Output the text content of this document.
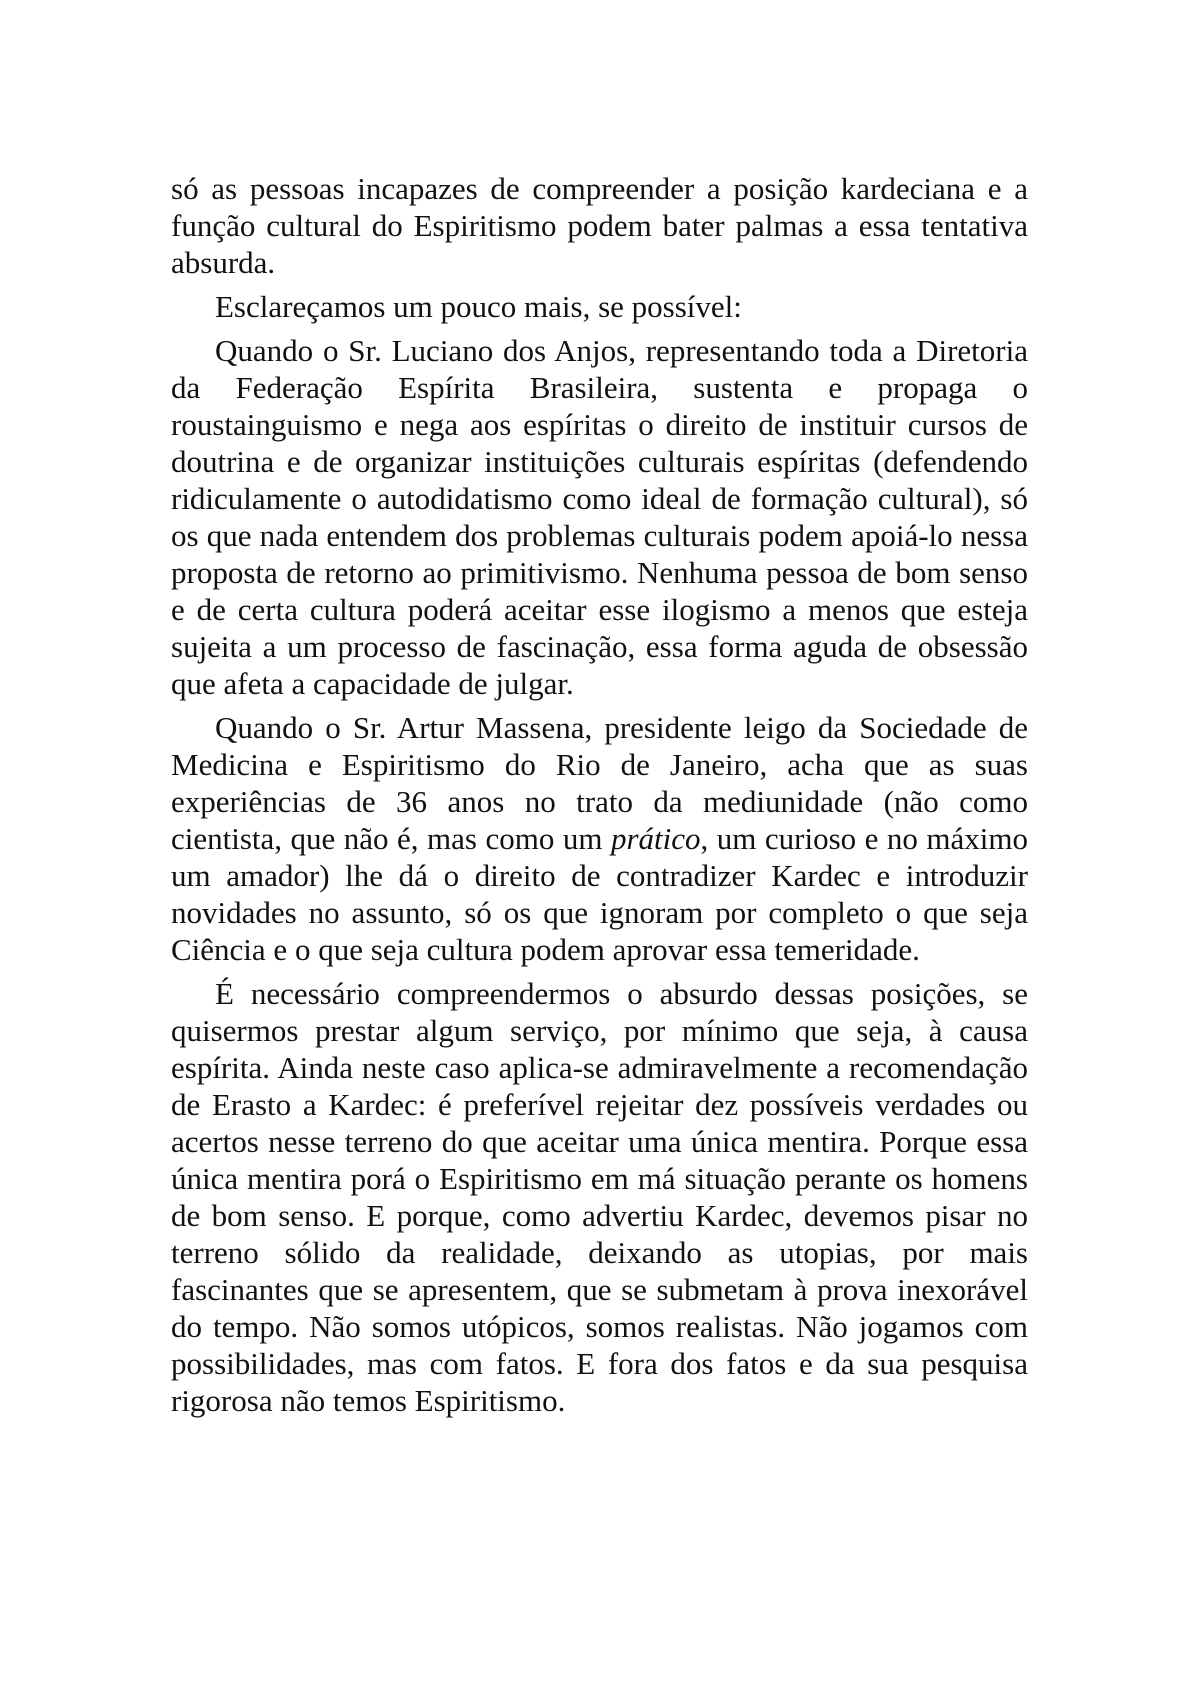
só as pessoas incapazes de compreender a posição kardeciana e a função cultural do Espiritismo podem bater palmas a essa tentativa absurda.

Esclareçamos um pouco mais, se possível:

Quando o Sr. Luciano dos Anjos, representando toda a Diretoria da Federação Espírita Brasileira, sustenta e propaga o roustainguismo e nega aos espíritas o direito de instituir cursos de doutrina e de organizar instituições culturais espíritas (defendendo ridiculamente o autodidatismo como ideal de formação cultural), só os que nada entendem dos problemas culturais podem apoiá-lo nessa proposta de retorno ao primitivismo. Nenhuma pessoa de bom senso e de certa cultura poderá aceitar esse ilogismo a menos que esteja sujeita a um processo de fascinação, essa forma aguda de obsessão que afeta a capacidade de julgar.

Quando o Sr. Artur Massena, presidente leigo da Sociedade de Medicina e Espiritismo do Rio de Janeiro, acha que as suas experiências de 36 anos no trato da mediunidade (não como cientista, que não é, mas como um prático, um curioso e no máximo um amador) lhe dá o direito de contradizer Kardec e introduzir novidades no assunto, só os que ignoram por completo o que seja Ciência e o que seja cultura podem aprovar essa temeridade.

É necessário compreendermos o absurdo dessas posições, se quisermos prestar algum serviço, por mínimo que seja, à causa espírita. Ainda neste caso aplica-se admiravelmente a recomendação de Erasto a Kardec: é preferível rejeitar dez possíveis verdades ou acertos nesse terreno do que aceitar uma única mentira. Porque essa única mentira porá o Espiritismo em má situação perante os homens de bom senso. E porque, como advertiu Kardec, devemos pisar no terreno sólido da realidade, deixando as utopias, por mais fascinantes que se apresentem, que se submetam à prova inexorável do tempo. Não somos utópicos, somos realistas. Não jogamos com possibilidades, mas com fatos. E fora dos fatos e da sua pesquisa rigorosa não temos Espiritismo.
